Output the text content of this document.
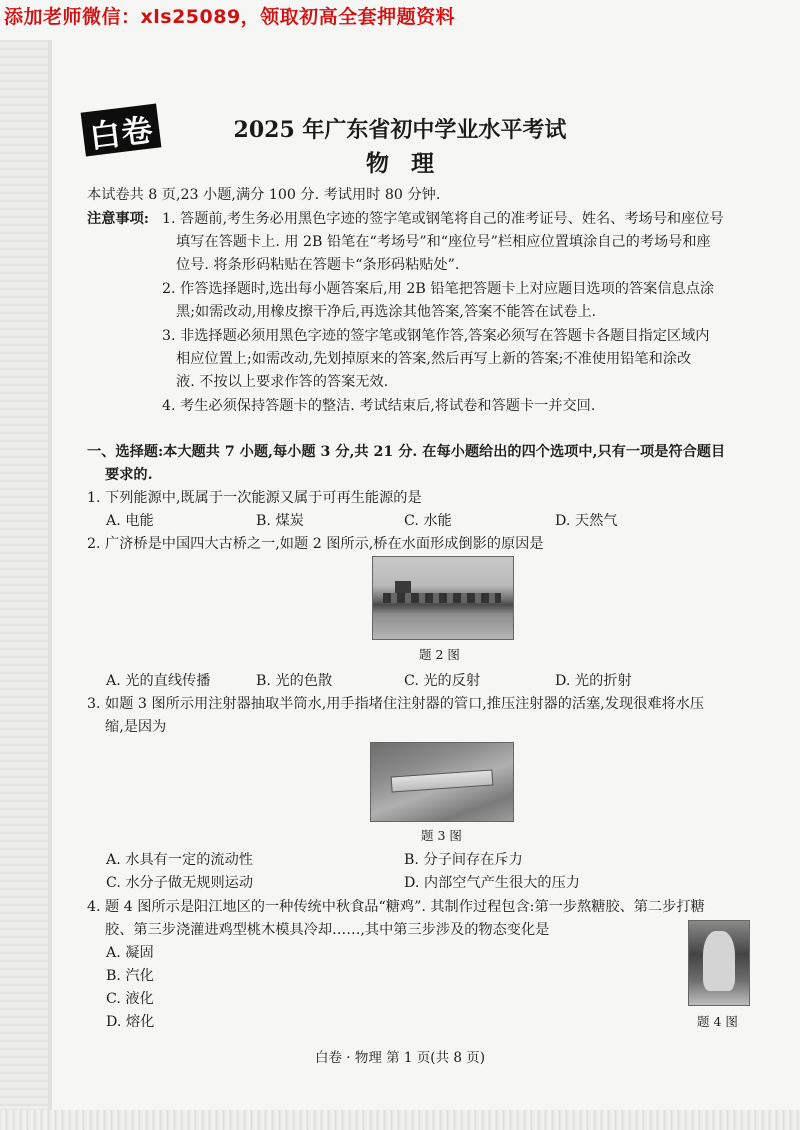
添加老师微信：xls25089，领取初高全套押题资料
白卷	2025 年广东省初中学业水平考试
物理
本试卷共 8 页,23 小题,满分 100 分. 考试用时 80 分钟.
注意事项: 1. 答题前,考生务必用黑色字迹的签字笔或钢笔将自己的准考证号、姓名、考场号和座位号
填写在答题卡上. 用 2B 铅笔在“考场号”和“座位号”栏相应位置填涂自己的考场号和座
位号. 将条形码粘贴在答题卡“条形码粘贴处”.
2. 作答选择题时,选出每小题答案后,用 2B 铅笔把答题卡上对应题目选项的答案信息点涂
黑;如需改动,用橡皮擦干净后,再选涂其他答案,答案不能答在试卷上.
3. 非选择题必须用黑色字迹的签字笔或钢笔作答,答案必须写在答题卡各题目指定区域内
相应位置上;如需改动,先划掉原来的答案,然后再写上新的答案;不准使用铅笔和涂改
液. 不按以上要求作答的答案无效.
4. 考生必须保持答题卡的整洁. 考试结束后,将试卷和答题卡一并交回.
一、选择题:本大题共 7 小题,每小题 3 分,共 21 分. 在每小题给出的四个选项中,只有一项是符合题目
要求的.
1. 下列能源中,既属于一次能源又属于可再生能源的是
A. 电能	B. 煤炭	C. 水能	D. 天然气
2. 广济桥是中国四大古桥之一,如题 2 图所示,桥在水面形成倒影的原因是
题 2 图
A. 光的直线传播	B. 光的色散	C. 光的反射	D. 光的折射
3. 如题 3 图所示用注射器抽取半筒水,用手指堵住注射器的管口,推压注射器的活塞,发现很难将水压
缩,是因为
题 3 图
A. 水具有一定的流动性	B. 分子间存在斥力
C. 水分子做无规则运动	D. 内部空气产生很大的压力
4. 题 4 图所示是阳江地区的一种传统中秋食品“糖鸡”. 其制作过程包含:第一步熬糖胶、第二步打糖
胶、第三步浇灌进鸡型桃木模具冷却……,其中第三步涉及的物态变化是
A. 凝固
B. 汽化
C. 液化
D. 熔化	题 4 图
白卷 · 物理 第 1 页(共 8 页)
